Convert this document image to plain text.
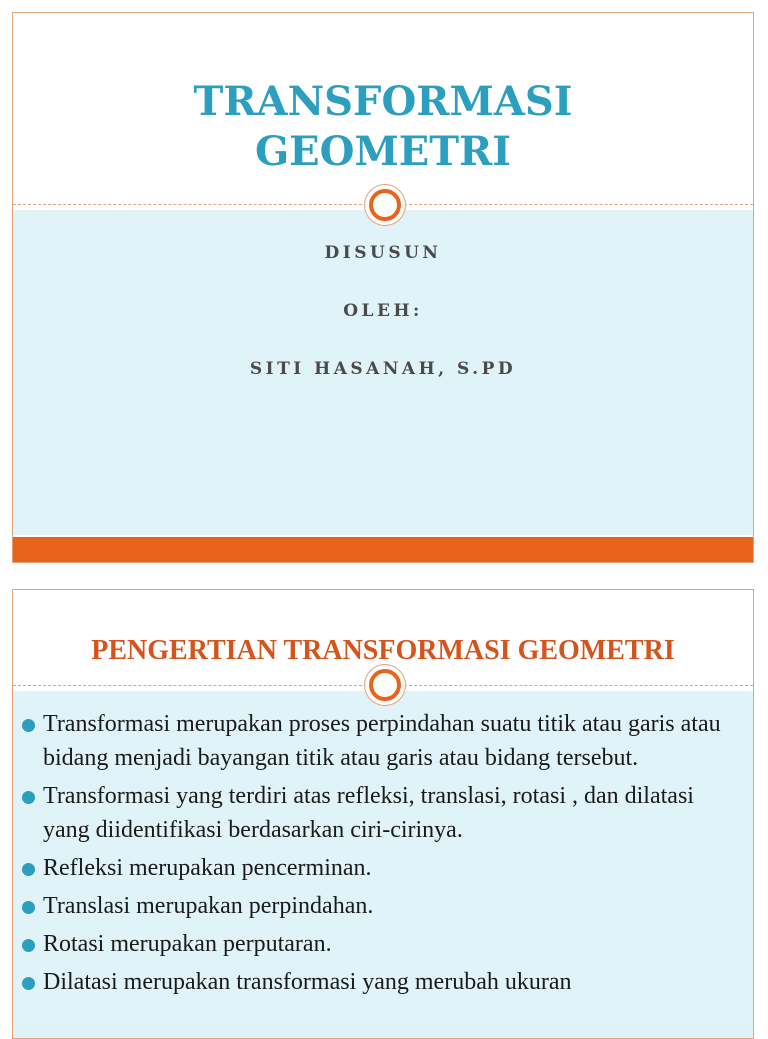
TRANSFORMASI
GEOMETRI

DISUSUN

OLEH:

SITI HASANAH, S.PD

PENGERTIAN TRANSFORMASI GEOMETRI
Transformasi merupakan proses perpindahan suatu titik atau garis atau bidang menjadi bayangan titik atau garis atau bidang tersebut.
Transformasi yang terdiri atas refleksi, translasi, rotasi , dan dilatasi yang diidentifikasi berdasarkan ciri-cirinya.
Refleksi merupakan pencerminan.
Translasi merupakan perpindahan.
Rotasi merupakan perputaran.
Dilatasi merupakan transformasi yang merubah ukuran
